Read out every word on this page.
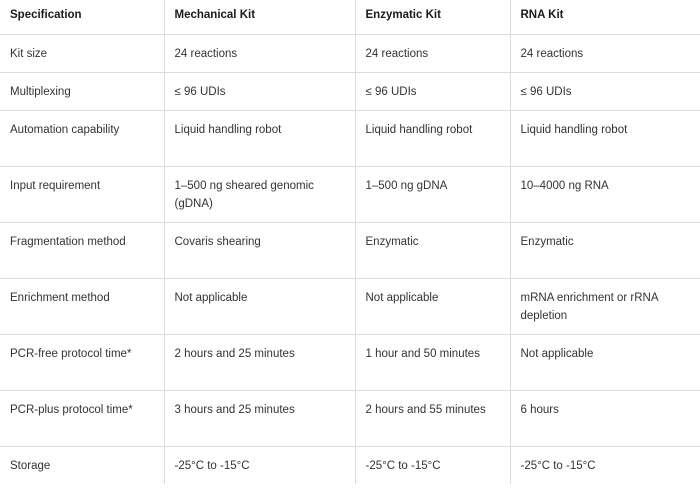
Specification	Mechanical Kit	Enzymatic Kit	RNA Kit
Kit size	24 reactions	24 reactions	24 reactions
Multiplexing	≤ 96 UDIs	≤ 96 UDIs	≤ 96 UDIs
Automation capability	Liquid handling robot	Liquid handling robot	Liquid handling robot
Input requirement	1–500 ng sheared genomic (gDNA)	1–500 ng gDNA	10–4000 ng RNA
Fragmentation method	Covaris shearing	Enzymatic	Enzymatic
Enrichment method	Not applicable	Not applicable	mRNA enrichment or rRNA depletion
PCR-free protocol time*	2 hours and 25 minutes	1 hour and 50 minutes	Not applicable
PCR-plus protocol time*	3 hours and 25 minutes	2 hours and 55 minutes	6 hours
Storage	-25°C to -15°C	-25°C to -15°C	-25°C to -15°C
